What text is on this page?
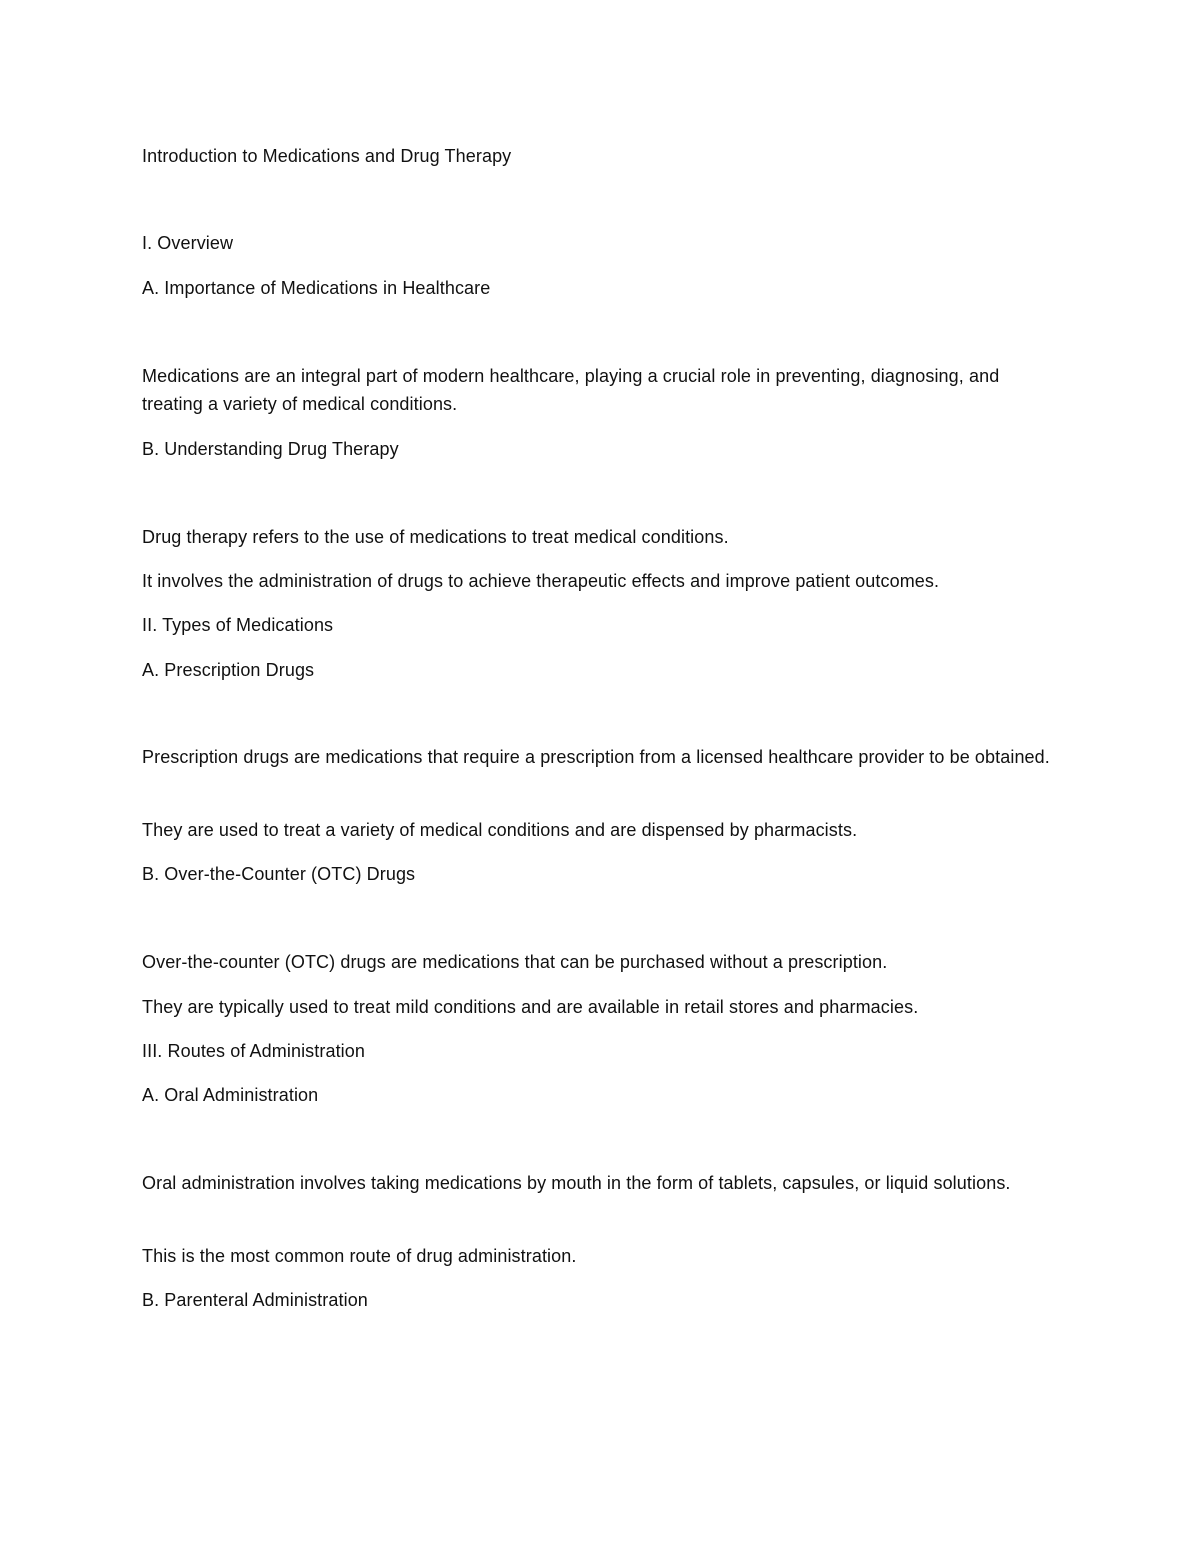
Introduction to Medications and Drug Therapy
I. Overview
A. Importance of Medications in Healthcare
Medications are an integral part of modern healthcare, playing a crucial role in preventing, diagnosing, and treating a variety of medical conditions.
B. Understanding Drug Therapy
Drug therapy refers to the use of medications to treat medical conditions.
It involves the administration of drugs to achieve therapeutic effects and improve patient outcomes.
II. Types of Medications
A. Prescription Drugs
Prescription drugs are medications that require a prescription from a licensed healthcare provider to be obtained.
They are used to treat a variety of medical conditions and are dispensed by pharmacists.
B. Over-the-Counter (OTC) Drugs
Over-the-counter (OTC) drugs are medications that can be purchased without a prescription.
They are typically used to treat mild conditions and are available in retail stores and pharmacies.
III. Routes of Administration
A. Oral Administration
Oral administration involves taking medications by mouth in the form of tablets, capsules, or liquid solutions.
This is the most common route of drug administration.
B. Parenteral Administration
